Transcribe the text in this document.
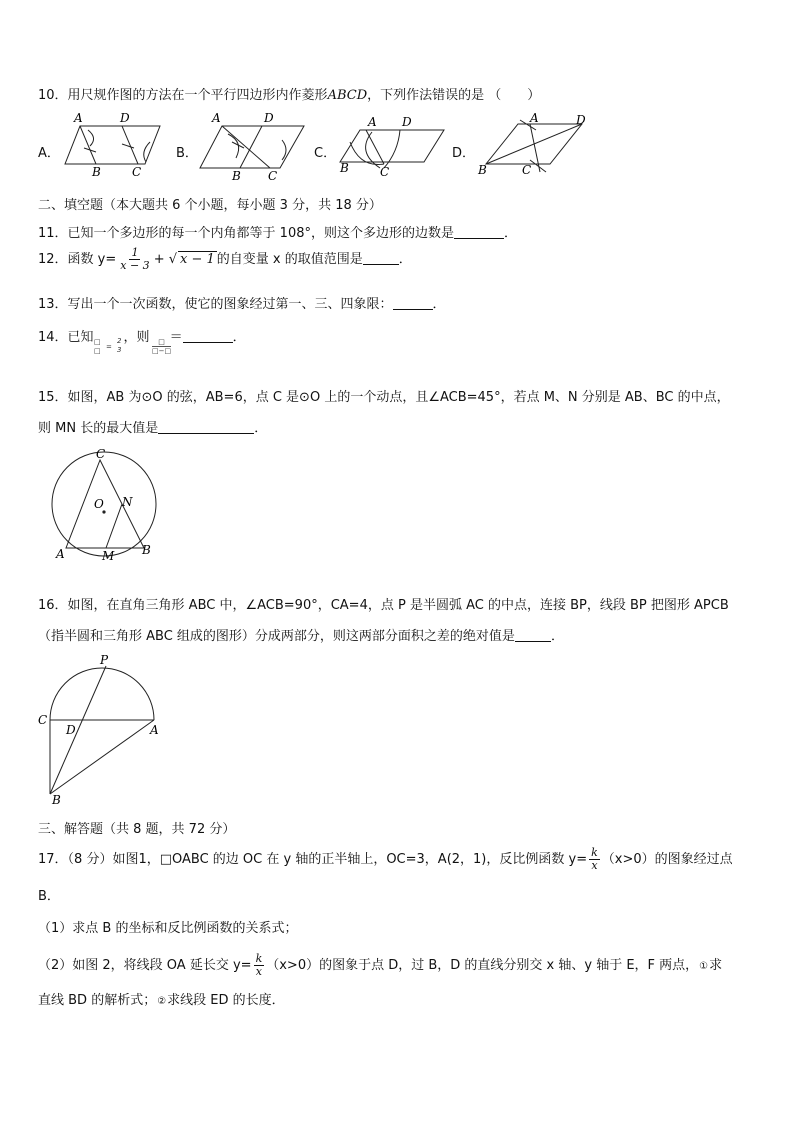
10．用尺规作图的方法在一个平行四边形内作菱形ABCD，下列作法错误的是 （　　）
A．	B．	C．	D．
A	D
B	C
A	D
B C
A D
B	C
A	D
B	C
二、填空题（本大题共 6 个小题，每小题 3 分，共 18 分）
11．已知一个多边形的每一个内角都等于 108°，则这个多边形的边数是	．
12．函数 $y= \frac{1}{x - 3}$ + √ x − 1 的自变量 x 的取值范围是	．
13．写出一个一次函数，使它的图象经过第一、三、四象限：	．
14．已知 ，则 ＝	．
□
□ =
2
3
□
□−□
15．如图，AB 为⊙O 的弦，AB=6，点 C 是⊙O 上的一个动点，且∠ACB=45°，若点 M、N 分别是 AB、BC 的中点，
则 MN 长的最大值是	．
C
O N
A	M B
16．如图，在直角三角形 ABC 中，∠ACB=90°，CA=4，点 P 是半圆弧 AC 的中点，连接 BP，线段 BP 把图形 APCB
（指半圆和三角形 ABC 组成的图形）分成两部分，则这两部分面积之差的绝对值是	．
P
C
D	A
B
三、解答题（共 8 题，共 72 分）
17．（8 分）如图1，□OABC 的边 OC 在 y 轴的正半轴上，OC=3，A(2，1)，反比例函数 $y= \frac{k}{x} (x>0)$的图象经过点
B．
（1）求点 B 的坐标和反比例函数的关系式；
（2）如图 2，将线段 OA 延长交 $y= \frac{k}{x} (x>0)$的图象于点 D，过 B，D 的直线分别交 x 轴、y 轴于 E，F 两点，①求
直线 BD 的解析式；②求线段 ED 的长度．
